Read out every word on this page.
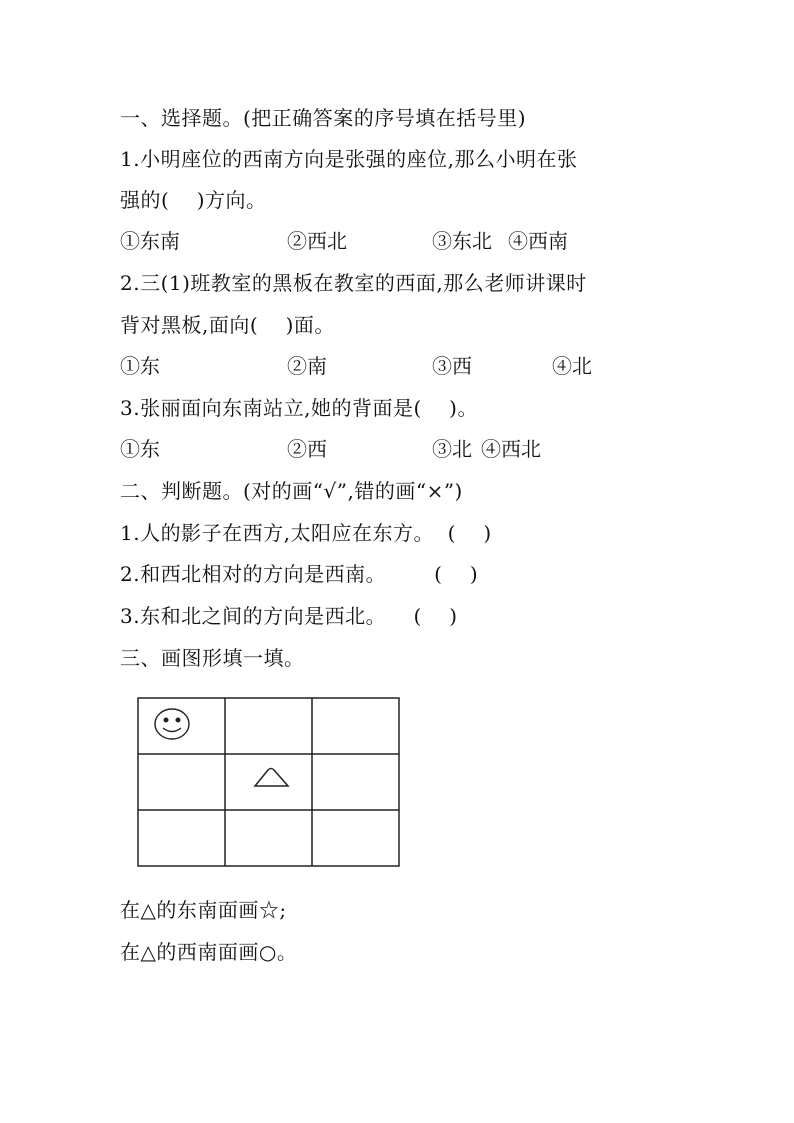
一、选择题。(把正确答案的序号填在括号里)
1.小明座位的西南方向是张强的座位,那么小明在张
强的(    )方向。
①东南	②西北	③东北 ④西南
2.三(1)班教室的黑板在教室的西面,那么老师讲课时
背对黑板,面向(    )面。
①东	②南	③西	④北
3.张丽面向东南站立,她的背面是(    )。
①东	②西	③北 ④西北
二、判断题。(对的画“√”,错的画“×”)
1.人的影子在西方,太阳应在东方。  (    )
2.和西北相对的方向是西南。       (    )
3.东和北之间的方向是西北。    (    )
三、画图形填一填。
在△的东南面画☆;
在△的西南面画○。
